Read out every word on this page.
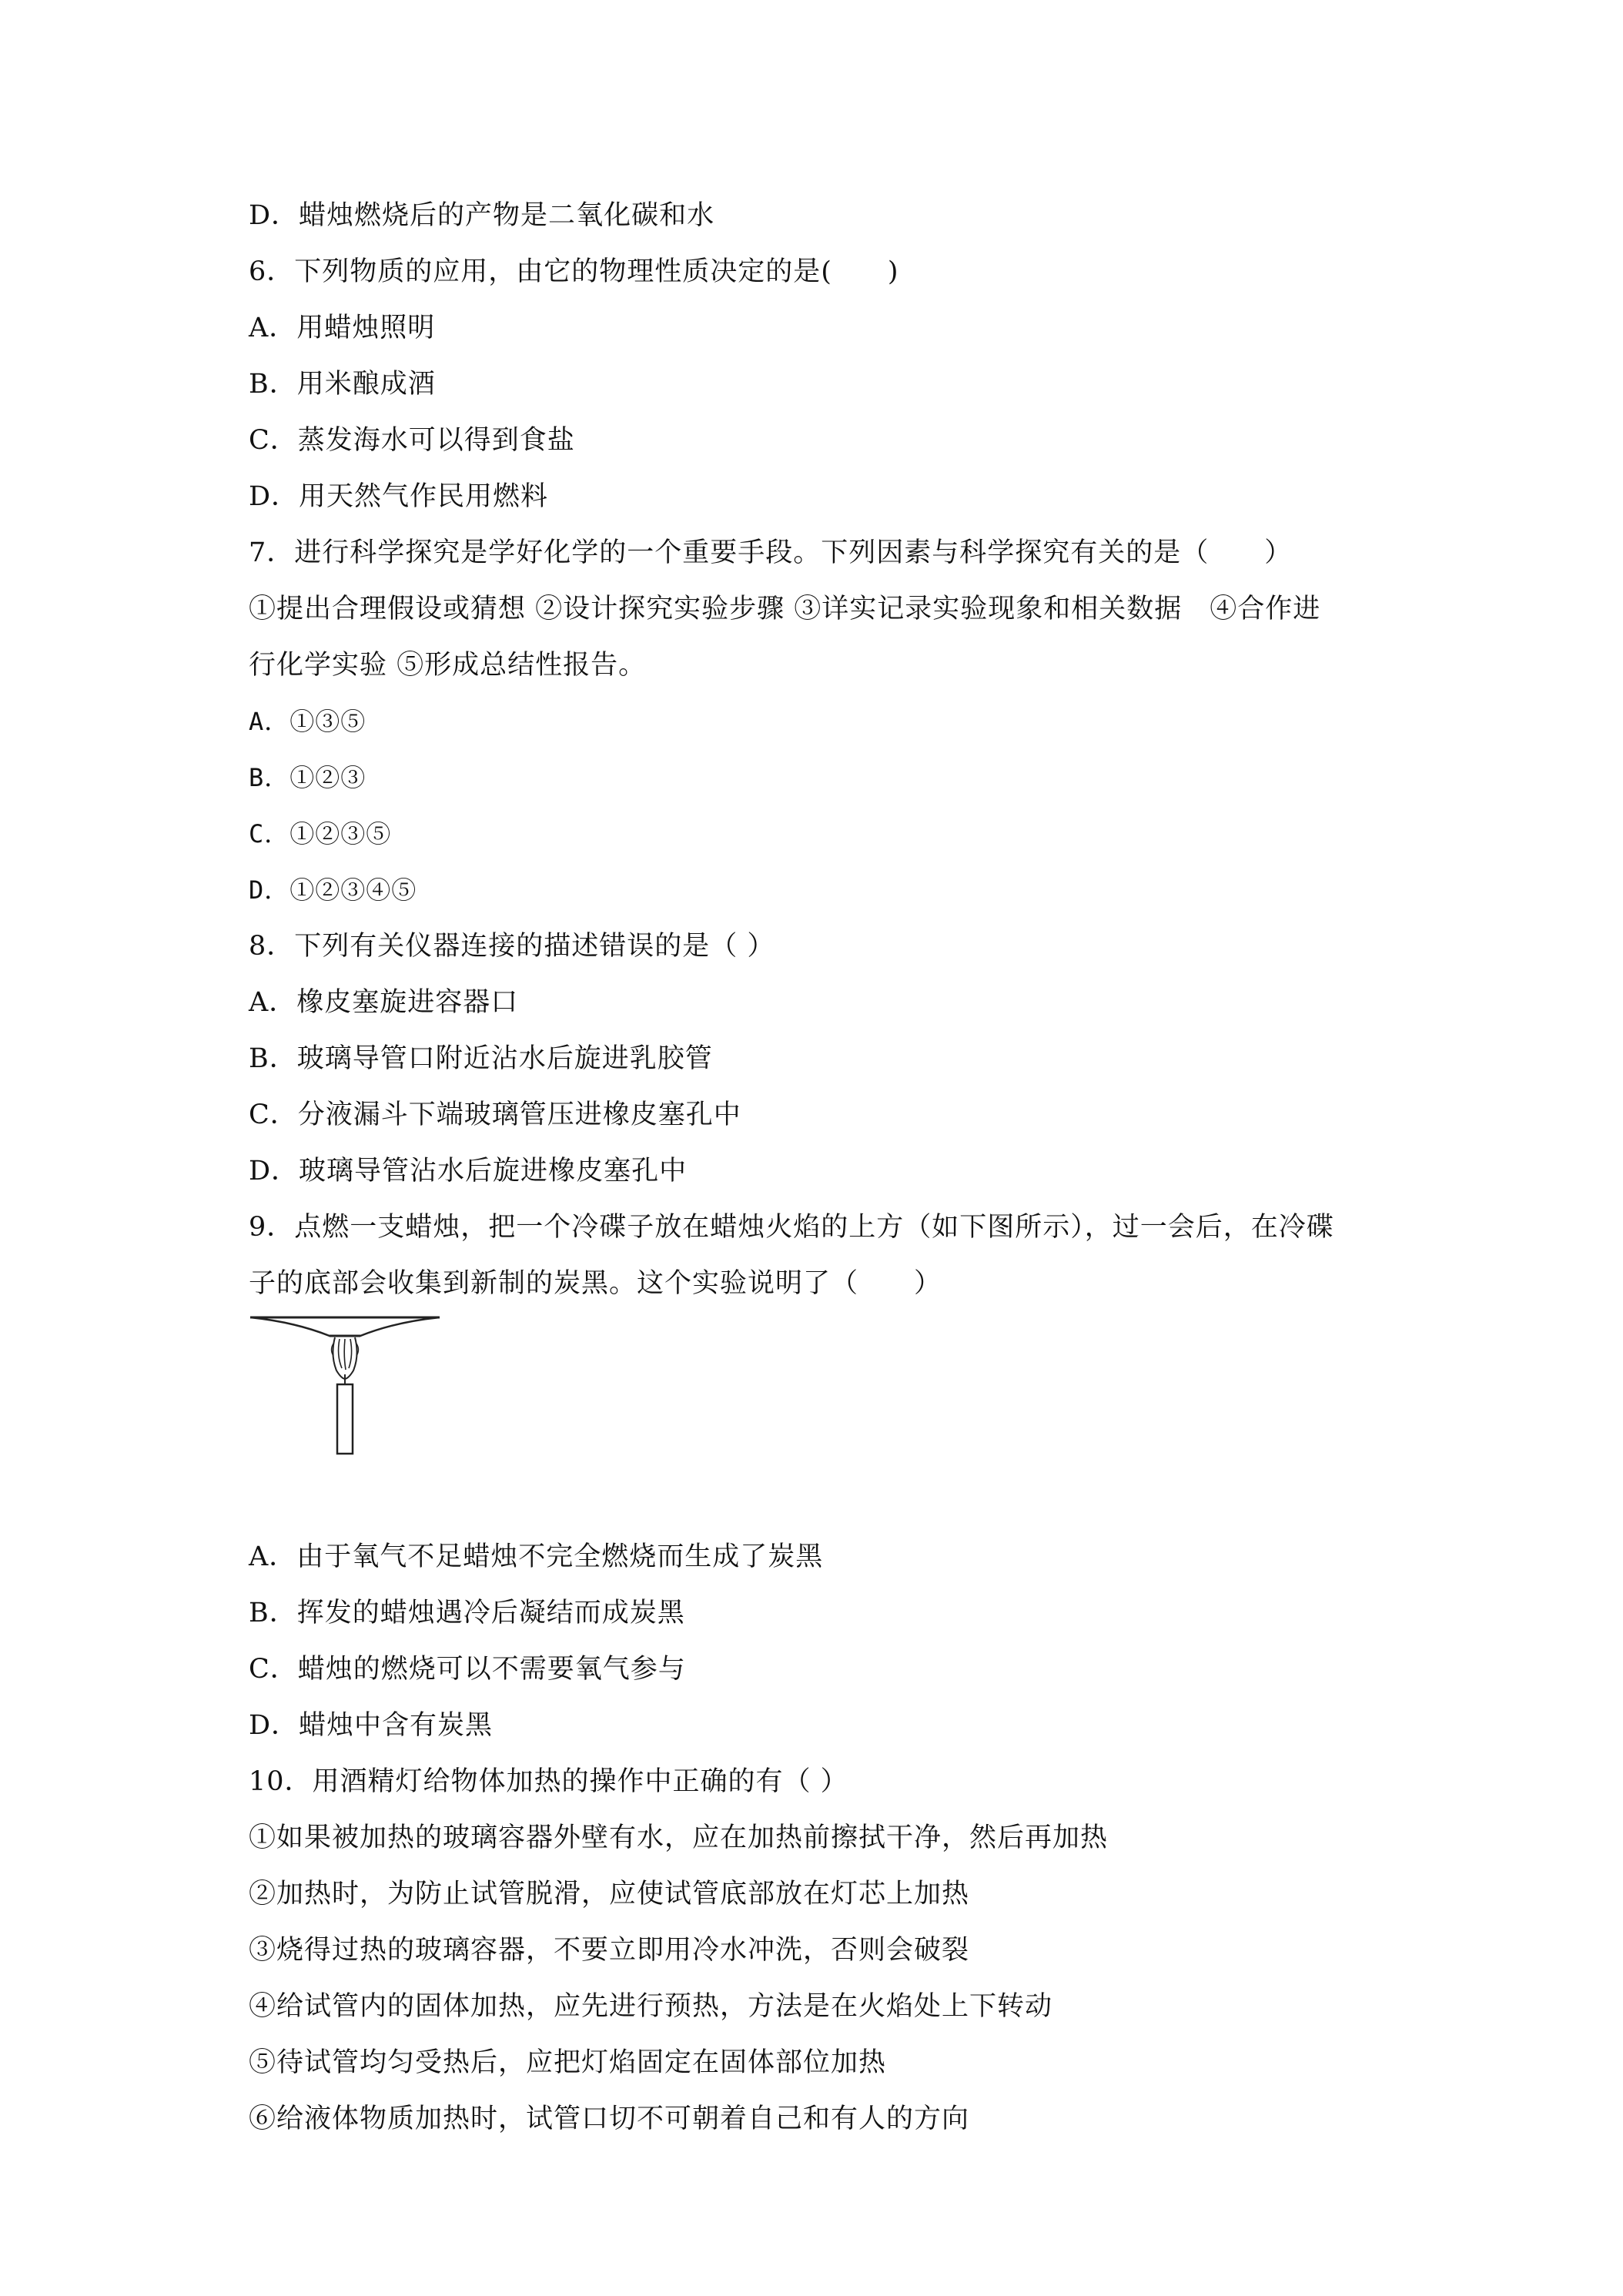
D．蜡烛燃烧后的产物是二氧化碳和水
6．下列物质的应用，由它的物理性质决定的是(　　)
A．用蜡烛照明
B．用米酿成酒
C．蒸发海水可以得到食盐
D．用天然气作民用燃料
7．进行科学探究是学好化学的一个重要手段。下列因素与科学探究有关的是（　　）
①提出合理假设或猜想 ②设计探究实验步骤 ③详实记录实验现象和相关数据　④合作进
行化学实验 ⑤形成总结性报告。
A．①③⑤
B．①②③
C．①②③⑤
D．①②③④⑤
8．下列有关仪器连接的描述错误的是（ ）
A．橡皮塞旋进容器口
B．玻璃导管口附近沾水后旋进乳胶管
C．分液漏斗下端玻璃管压进橡皮塞孔中
D．玻璃导管沾水后旋进橡皮塞孔中
9．点燃一支蜡烛，把一个冷碟子放在蜡烛火焰的上方（如下图所示），过一会后，在冷碟
子的底部会收集到新制的炭黑。这个实验说明了（　　）
A．由于氧气不足蜡烛不完全燃烧而生成了炭黑
B．挥发的蜡烛遇冷后凝结而成炭黑
C．蜡烛的燃烧可以不需要氧气参与
D．蜡烛中含有炭黑
10．用酒精灯给物体加热的操作中正确的有（ ）
①如果被加热的玻璃容器外壁有水，应在加热前擦拭干净，然后再加热
②加热时，为防止试管脱滑，应使试管底部放在灯芯上加热
③烧得过热的玻璃容器，不要立即用冷水冲洗，否则会破裂
④给试管内的固体加热，应先进行预热，方法是在火焰处上下转动
⑤待试管均匀受热后，应把灯焰固定在固体部位加热
⑥给液体物质加热时，试管口切不可朝着自己和有人的方向
